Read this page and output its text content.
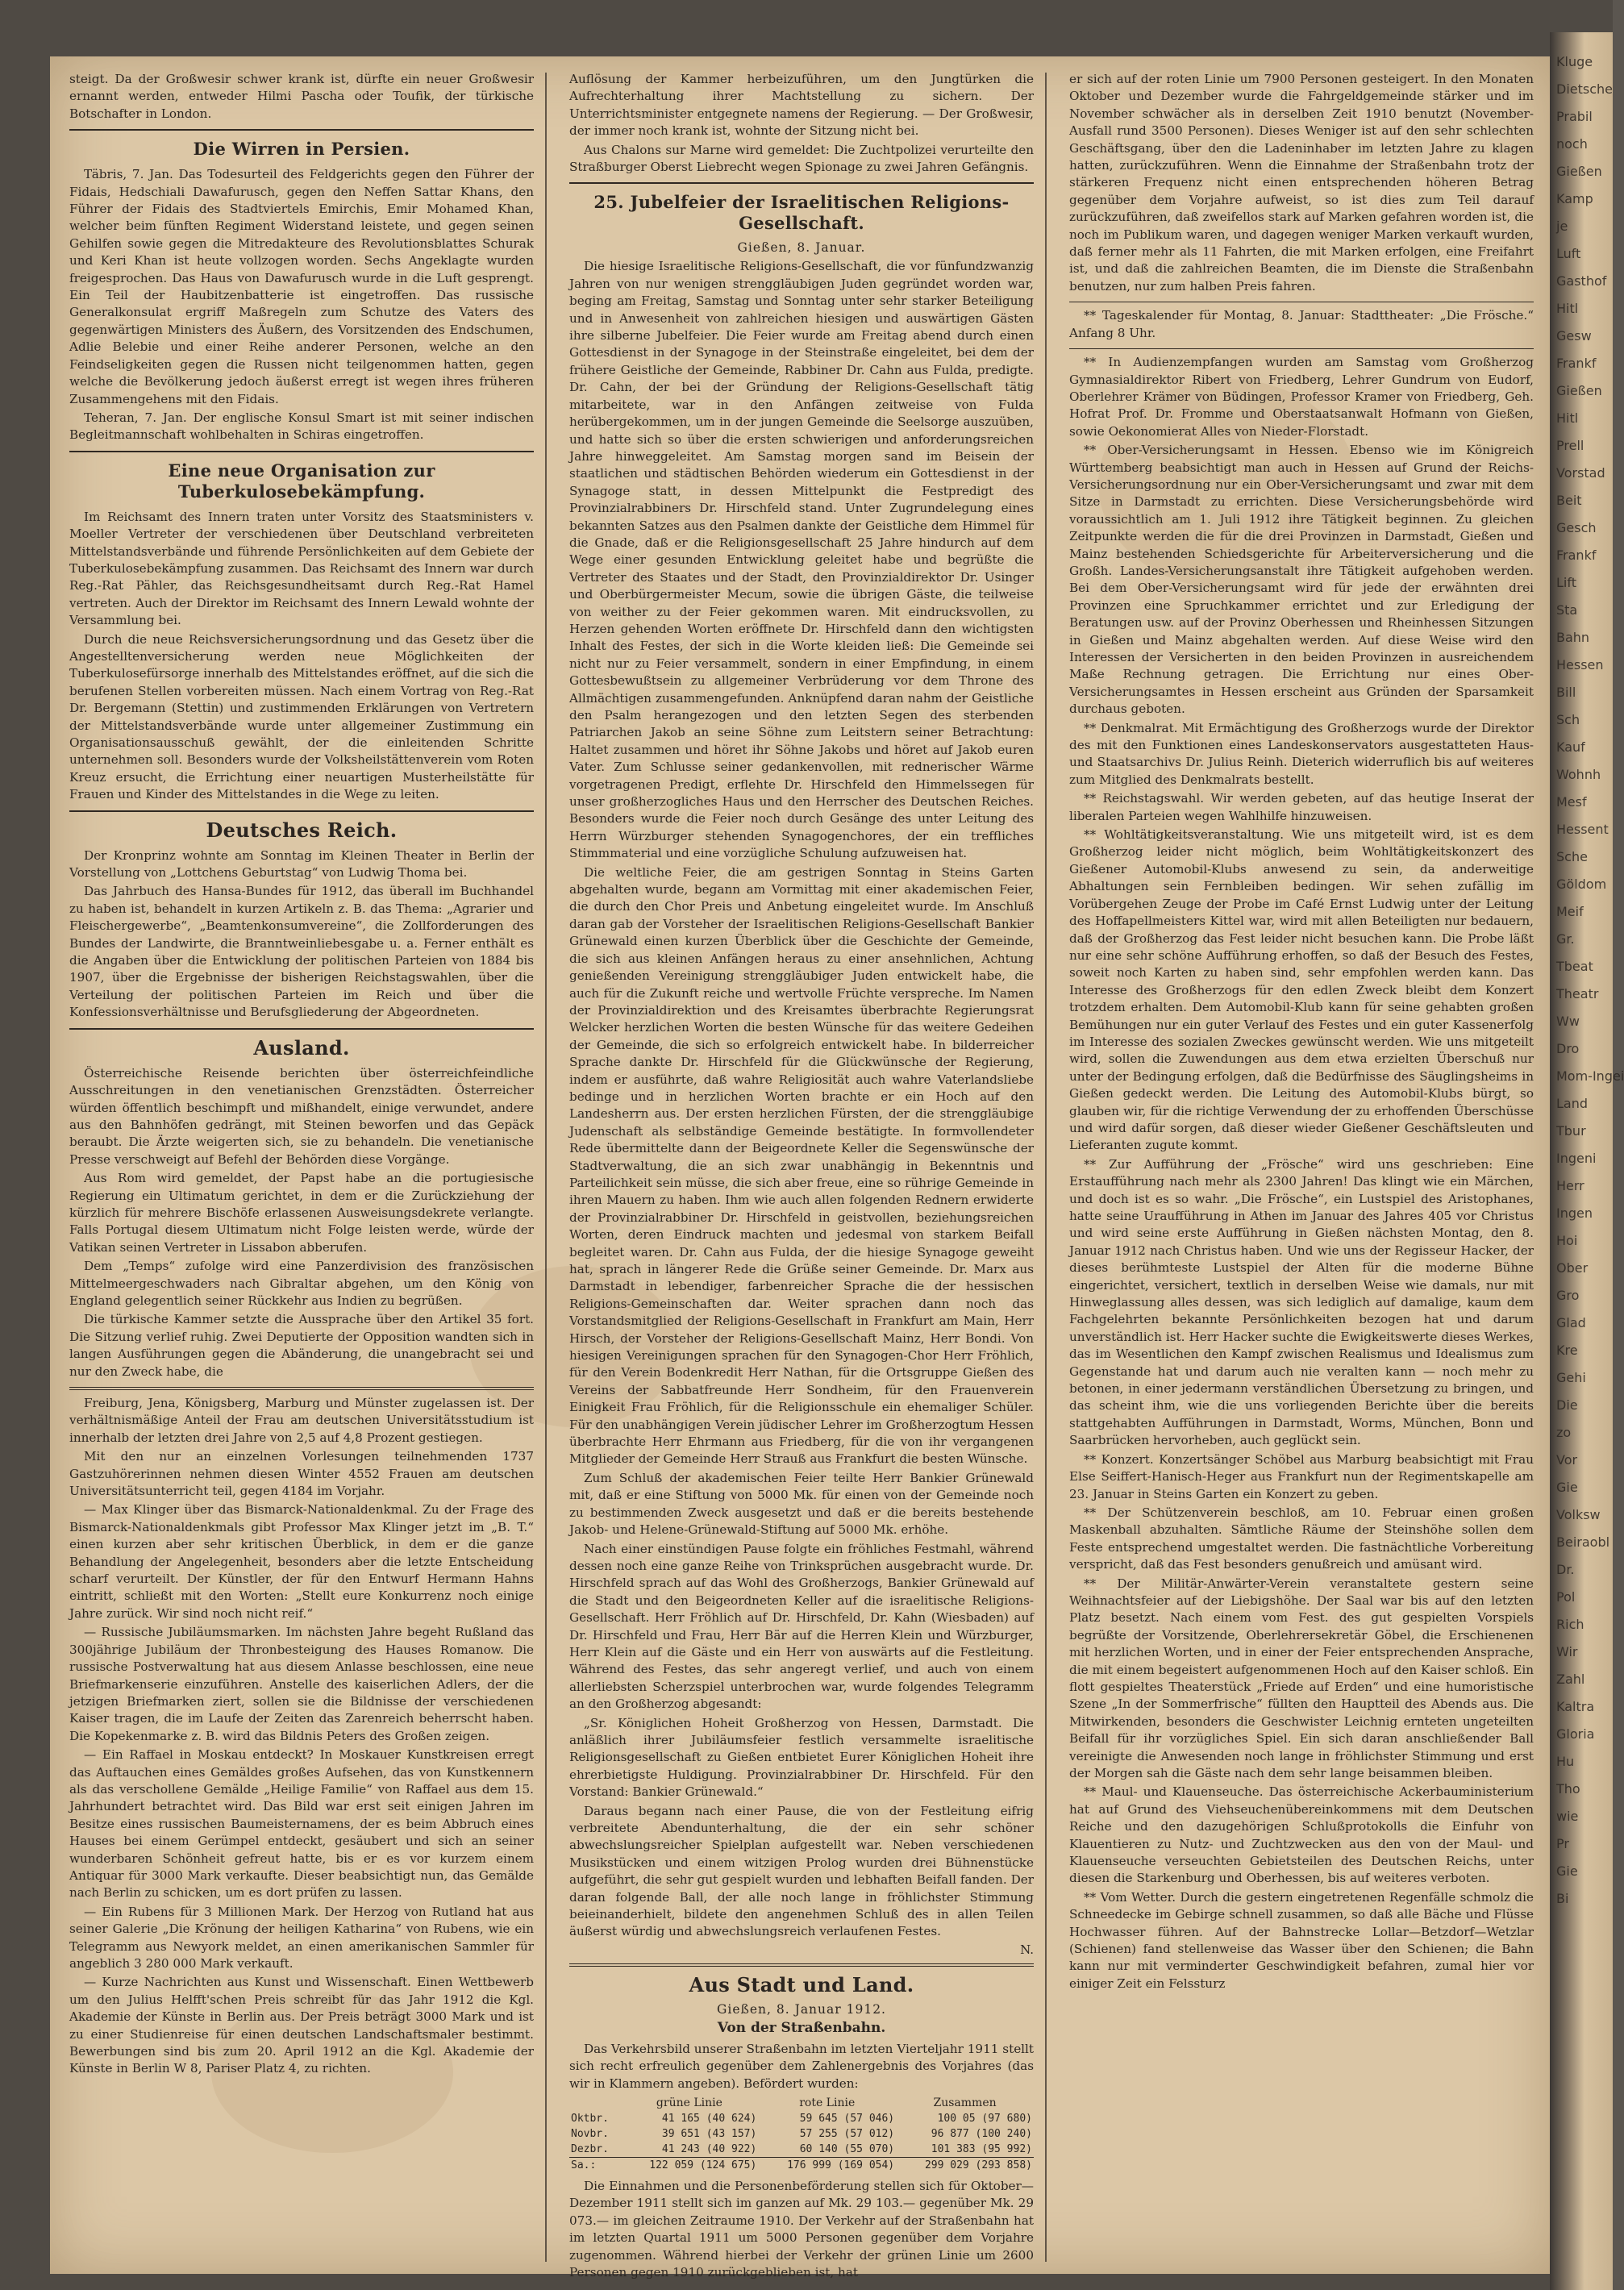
steigt. Da der Großwesir schwer krank ist, dürfte ein neuer Großwesir ernannt werden, entweder Hilmi Pascha oder Toufik, der türkische Botschafter in London.

Die Wirren in Persien.

Täbris, 7. Jan. Das Todesurteil des Feldgerichts gegen den Führer der Fidais, Hedschiali Dawafurusch, gegen den Neffen Sattar Khans, den Führer der Fidais des Stadtviertels Emirchis, Emir Mohamed Khan, welcher beim fünften Regiment Widerstand leistete, und gegen seinen Gehilfen sowie gegen die Mitredakteure des Revolutionsblattes Schurak und Keri Khan ist heute vollzogen worden. Sechs Angeklagte wurden freigesprochen. Das Haus von Dawafurusch wurde in die Luft gesprengt. Ein Teil der Haubitzenbatterie ist eingetroffen. Das russische Generalkonsulat ergriff Maßregeln zum Schutze des Vaters des gegenwärtigen Ministers des Äußern, des Vorsitzenden des Endschumen, Adlie Belebie und einer Reihe anderer Personen, welche an den Feindseligkeiten gegen die Russen nicht teilgenommen hatten, gegen welche die Bevölkerung jedoch äußerst erregt ist wegen ihres früheren Zusammengehens mit den Fidais.

Teheran, 7. Jan. Der englische Konsul Smart ist mit seiner indischen Begleitmannschaft wohlbehalten in Schiras eingetroffen.

Eine neue Organisation zur Tuberkulosebekämpfung.

Im Reichsamt des Innern traten unter Vorsitz des Staatsministers v. Moeller Vertreter der verschiedenen über Deutschland verbreiteten Mittelstandsverbände und führende Persönlichkeiten auf dem Gebiete der Tuberkulosebekämpfung zusammen. Das Reichsamt des Innern war durch Reg.-Rat Pähler, das Reichsgesundheitsamt durch Reg.-Rat Hamel vertreten. Auch der Direktor im Reichsamt des Innern Lewald wohnte der Versammlung bei.

Durch die neue Reichsversicherungsordnung und das Gesetz über die Angestelltenversicherung werden neue Möglichkeiten der Tuberkulosefürsorge innerhalb des Mittelstandes eröffnet, auf die sich die berufenen Stellen vorbereiten müssen. Nach einem Vortrag von Reg.-Rat Dr. Bergemann (Stettin) und zustimmenden Erklärungen von Vertretern der Mittelstandsverbände wurde unter allgemeiner Zustimmung ein Organisationsausschuß gewählt, der die einleitenden Schritte unternehmen soll. Besonders wurde der Volksheilstättenverein vom Roten Kreuz ersucht, die Errichtung einer neuartigen Musterheilstätte für Frauen und Kinder des Mittelstandes in die Wege zu leiten.

Deutsches Reich.

Der Kronprinz wohnte am Sonntag im Kleinen Theater in Berlin der Vorstellung von „Lottchens Geburtstag“ von Ludwig Thoma bei.

Das Jahrbuch des Hansa-Bundes für 1912, das überall im Buchhandel zu haben ist, behandelt in kurzen Artikeln z. B. das Thema: „Agrarier und Fleischergewerbe“, „Beamtenkonsumvereine“, die Zollforderungen des Bundes der Landwirte, die Branntweinliebesgabe u. a. Ferner enthält es die Angaben über die Entwicklung der politischen Parteien von 1884 bis 1907, über die Ergebnisse der bisherigen Reichstagswahlen, über die Verteilung der politischen Parteien im Reich und über die Konfessionsverhältnisse und Berufsgliederung der Abgeordneten.

Ausland.

Österreichische Reisende berichten über österreichfeindliche Ausschreitungen in den venetianischen Grenzstädten. Österreicher würden öffentlich beschimpft und mißhandelt, einige verwundet, andere aus den Bahnhöfen gedrängt, mit Steinen beworfen und das Gepäck beraubt. Die Ärzte weigerten sich, sie zu behandeln. Die venetianische Presse verschweigt auf Befehl der Behörden diese Vorgänge.

Aus Rom wird gemeldet, der Papst habe an die portugiesische Regierung ein Ultimatum gerichtet, in dem er die Zurückziehung der kürzlich für mehrere Bischöfe erlassenen Ausweisungsdekrete verlangte. Falls Portugal diesem Ultimatum nicht Folge leisten werde, würde der Vatikan seinen Vertreter in Lissabon abberufen.

Dem „Temps“ zufolge wird eine Panzerdivision des französischen Mittelmeergeschwaders nach Gibraltar abgehen, um den König von England gelegentlich seiner Rückkehr aus Indien zu begrüßen.

Die türkische Kammer setzte die Aussprache über den Artikel 35 fort. Die Sitzung verlief ruhig. Zwei Deputierte der Opposition wandten sich in langen Ausführungen gegen die Abänderung, die unangebracht sei und nur den Zweck habe, die

Freiburg, Jena, Königsberg, Marburg und Münster zugelassen ist. Der verhältnismäßige Anteil der Frau am deutschen Universitätsstudium ist innerhalb der letzten drei Jahre von 2,5 auf 4,8 Prozent gestiegen.

Mit den nur an einzelnen Vorlesungen teilnehmenden 1737 Gastzuhörerinnen nehmen diesen Winter 4552 Frauen am deutschen Universitätsunterricht teil, gegen 4184 im Vorjahr.

— Max Klinger über das Bismarck-Nationaldenkmal. Zu der Frage des Bismarck-Nationaldenkmals gibt Professor Max Klinger jetzt im „B. T.“ einen kurzen aber sehr kritischen Überblick, in dem er die ganze Behandlung der Angelegenheit, besonders aber die letzte Entscheidung scharf verurteilt. Der Künstler, der für den Entwurf Hermann Hahns eintritt, schließt mit den Worten: „Stellt eure Konkurrenz noch einige Jahre zurück. Wir sind noch nicht reif.“

— Russische Jubiläumsmarken. Im nächsten Jahre begeht Rußland das 300jährige Jubiläum der Thronbesteigung des Hauses Romanow. Die russische Postverwaltung hat aus diesem Anlasse beschlossen, eine neue Briefmarkenserie einzuführen. Anstelle des kaiserlichen Adlers, der die jetzigen Briefmarken ziert, sollen sie die Bildnisse der verschiedenen Kaiser tragen, die im Laufe der Zeiten das Zarenreich beherrscht haben. Die Kopekenmarke z. B. wird das Bildnis Peters des Großen zeigen.

— Ein Raffael in Moskau entdeckt? In Moskauer Kunstkreisen erregt das Auftauchen eines Gemäldes großes Aufsehen, das von Kunstkennern als das verschollene Gemälde „Heilige Familie“ von Raffael aus dem 15. Jahrhundert betrachtet wird. Das Bild war erst seit einigen Jahren im Besitze eines russischen Baumeisternamens, der es beim Abbruch eines Hauses bei einem Gerümpel entdeckt, gesäubert und sich an seiner wunderbaren Schönheit gefreut hatte, bis er es vor kurzem einem Antiquar für 3000 Mark verkaufte. Dieser beabsichtigt nun, das Gemälde nach Berlin zu schicken, um es dort prüfen zu lassen.

— Ein Rubens für 3 Millionen Mark. Der Herzog von Rutland hat aus seiner Galerie „Die Krönung der heiligen Katharina“ von Rubens, wie ein Telegramm aus Newyork meldet, an einen amerikanischen Sammler für angeblich 3 280 000 Mark verkauft.

— Kurze Nachrichten aus Kunst und Wissenschaft. Einen Wettbewerb um den Julius Helfft'schen Preis schreibt für das Jahr 1912 die Kgl. Akademie der Künste in Berlin aus. Der Preis beträgt 3000 Mark und ist zu einer Studienreise für einen deutschen Landschaftsmaler bestimmt. Bewerbungen sind bis zum 20. April 1912 an die Kgl. Akademie der Künste in Berlin W 8, Pariser Platz 4, zu richten.

Auflösung der Kammer herbeizuführen, um den Jungtürken die Aufrechterhaltung ihrer Machtstellung zu sichern. Der Unterrichtsminister entgegnete namens der Regierung. — Der Großwesir, der immer noch krank ist, wohnte der Sitzung nicht bei.

Aus Chalons sur Marne wird gemeldet: Die Zuchtpolizei verurteilte den Straßburger Oberst Liebrecht wegen Spionage zu zwei Jahren Gefängnis.

25. Jubelfeier der Israelitischen Religions-Gesellschaft.
Gießen, 8. Januar.

Die hiesige Israelitische Religions-Gesellschaft, die vor fünfundzwanzig Jahren von nur wenigen strenggläubigen Juden gegründet worden war, beging am Freitag, Samstag und Sonntag unter sehr starker Beteiligung und in Anwesenheit von zahlreichen hiesigen und auswärtigen Gästen ihre silberne Jubelfeier. Die Feier wurde am Freitag abend durch einen Gottesdienst in der Synagoge in der Steinstraße eingeleitet, bei dem der frühere Geistliche der Gemeinde, Rabbiner Dr. Cahn aus Fulda, predigte. Dr. Cahn, der bei der Gründung der Religions-Gesellschaft tätig mitarbeitete, war in den Anfängen zeitweise von Fulda herübergekommen, um in der jungen Gemeinde die Seelsorge auszuüben, und hatte sich so über die ersten schwierigen und anforderungsreichen Jahre hinweggeleitet. Am Samstag morgen sand im Beisein der staatlichen und städtischen Behörden wiederum ein Gottesdienst in der Synagoge statt, in dessen Mittelpunkt die Festpredigt des Provinzialrabbiners Dr. Hirschfeld stand. Unter Zugrundelegung eines bekannten Satzes aus den Psalmen dankte der Geistliche dem Himmel für die Gnade, daß er die Religionsgesellschaft 25 Jahre hindurch auf dem Wege einer gesunden Entwicklung geleitet habe und begrüßte die Vertreter des Staates und der Stadt, den Provinzialdirektor Dr. Usinger und Oberbürgermeister Mecum, sowie die übrigen Gäste, die teilweise von weither zu der Feier gekommen waren. Mit eindrucksvollen, zu Herzen gehenden Worten eröffnete Dr. Hirschfeld dann den wichtigsten Inhalt des Festes, der sich in die Worte kleiden ließ: Die Gemeinde sei nicht nur zu Feier versammelt, sondern in einer Empfindung, in einem Gottesbewußtsein zu allgemeiner Verbrüderung vor dem Throne des Allmächtigen zusammengefunden. Anknüpfend daran nahm der Geistliche den Psalm herangezogen und den letzten Segen des sterbenden Patriarchen Jakob an seine Söhne zum Leitstern seiner Betrachtung: Haltet zusammen und höret ihr Söhne Jakobs und höret auf Jakob euren Vater. Zum Schlusse seiner gedankenvollen, mit rednerischer Wärme vorgetragenen Predigt, erflehte Dr. Hirschfeld den Himmelssegen für unser großherzogliches Haus und den Herrscher des Deutschen Reiches. Besonders wurde die Feier noch durch Gesänge des unter Leitung des Herrn Würzburger stehenden Synagogenchores, der ein treffliches Stimmmaterial und eine vorzügliche Schulung aufzuweisen hat.

Die weltliche Feier, die am gestrigen Sonntag in Steins Garten abgehalten wurde, begann am Vormittag mit einer akademischen Feier, die durch den Chor Preis und Anbetung eingeleitet wurde. Im Anschluß daran gab der Vorsteher der Israelitischen Religions-Gesellschaft Bankier Grünewald einen kurzen Überblick über die Geschichte der Gemeinde, die sich aus kleinen Anfängen heraus zu einer ansehnlichen, Achtung genießenden Vereinigung strenggläubiger Juden entwickelt habe, die auch für die Zukunft reiche und wertvolle Früchte verspreche. Im Namen der Provinzialdirektion und des Kreisamtes überbrachte Regierungsrat Welcker herzlichen Worten die besten Wünsche für das weitere Gedeihen der Gemeinde, die sich so erfolgreich entwickelt habe. In bilderreicher Sprache dankte Dr. Hirschfeld für die Glückwünsche der Regierung, indem er ausführte, daß wahre Religiosität auch wahre Vaterlandsliebe bedinge und in herzlichen Worten brachte er ein Hoch auf den Landesherrn aus. Der ersten herzlichen Fürsten, der die strenggläubige Judenschaft als selbständige Gemeinde bestätigte. In formvollendeter Rede übermittelte dann der Beigeordnete Keller die Segenswünsche der Stadtverwaltung, die an sich zwar unabhängig in Bekenntnis und Parteilichkeit sein müsse, die sich aber freue, eine so rührige Gemeinde in ihren Mauern zu haben. Ihm wie auch allen folgenden Rednern erwiderte der Provinzialrabbiner Dr. Hirschfeld in geistvollen, beziehungsreichen Worten, deren Eindruck machten und jedesmal von starkem Beifall begleitet waren. Dr. Cahn aus Fulda, der die hiesige Synagoge geweiht hat, sprach in längerer Rede die Grüße seiner Gemeinde. Dr. Marx aus Darmstadt in lebendiger, farbenreicher Sprache die der hessischen Religions-Gemeinschaften dar. Weiter sprachen dann noch das Vorstandsmitglied der Religions-Gesellschaft in Frankfurt am Main, Herr Hirsch, der Vorsteher der Religions-Gesellschaft Mainz, Herr Bondi. Von hiesigen Vereinigungen sprachen für den Synagogen-Chor Herr Fröhlich, für den Verein Bodenkredit Herr Nathan, für die Ortsgruppe Gießen des Vereins der Sabbatfreunde Herr Sondheim, für den Frauenverein Einigkeit Frau Fröhlich, für die Religionsschule ein ehemaliger Schüler. Für den unabhängigen Verein jüdischer Lehrer im Großherzogtum Hessen überbrachte Herr Ehrmann aus Friedberg, für die von ihr vergangenen Mitglieder der Gemeinde Herr Strauß aus Frankfurt die besten Wünsche.

Zum Schluß der akademischen Feier teilte Herr Bankier Grünewald mit, daß er eine Stiftung von 5000 Mk. für einen von der Gemeinde noch zu bestimmenden Zweck ausgesetzt und daß er die bereits bestehende Jakob- und Helene-Grünewald-Stiftung auf 5000 Mk. erhöhe.

Nach einer einstündigen Pause folgte ein fröhliches Festmahl, während dessen noch eine ganze Reihe von Trinksprüchen ausgebracht wurde. Dr. Hirschfeld sprach auf das Wohl des Großherzogs, Bankier Grünewald auf die Stadt und den Beigeordneten Keller auf die israelitische Religions-Gesellschaft. Herr Fröhlich auf Dr. Hirschfeld, Dr. Kahn (Wiesbaden) auf Dr. Hirschfeld und Frau, Herr Bär auf die Herren Klein und Würzburger, Herr Klein auf die Gäste und ein Herr von auswärts auf die Festleitung. Während des Festes, das sehr angeregt verlief, und auch von einem allerliebsten Scherzspiel unterbrochen war, wurde folgendes Telegramm an den Großherzog abgesandt:

„Sr. Königlichen Hoheit Großherzog von Hessen, Darmstadt. Die anläßlich ihrer Jubiläumsfeier festlich versammelte israelitische Religionsgesellschaft zu Gießen entbietet Eurer Königlichen Hoheit ihre ehrerbietigste Huldigung. Provinzialrabbiner Dr. Hirschfeld. Für den Vorstand: Bankier Grünewald.“

Daraus begann nach einer Pause, die von der Festleitung eifrig verbreitete Abendunterhaltung, die der ein sehr schöner abwechslungsreicher Spielplan aufgestellt war. Neben verschiedenen Musikstücken und einem witzigen Prolog wurden drei Bühnenstücke aufgeführt, die sehr gut gespielt wurden und lebhaften Beifall fanden. Der daran folgende Ball, der alle noch lange in fröhlichster Stimmung beieinanderhielt, bildete den angenehmen Schluß des in allen Teilen äußerst würdig und abwechslungsreich verlaufenen Festes.

N.
Aus Stadt und Land.
Gießen, 8. Januar 1912.
Von der Straßenbahn.

Das Verkehrsbild unserer Straßenbahn im letzten Vierteljahr 1911 stellt sich recht erfreulich gegenüber dem Zahlenergebnis des Vorjahres (das wir in Klammern angeben). Befördert wurden:

	grüne Linie	rote Linie	Zusammen
Oktbr.	41 165 (40 624)	59 645 (57 046)	100 05 (97 680)
Novbr.	39 651 (43 157)	57 255 (57 012)	96 877 (100 240)
Dezbr.	41 243 (40 922)	60 140 (55 070)	101 383 (95 992)
Sa.:	122 059 (124 675)	176 999 (169 054)	299 029 (293 858)

Die Einnahmen und die Personenbeförderung stellen sich für Oktober—Dezember 1911 stellt sich im ganzen auf Mk. 29 103.— gegenüber Mk. 29 073.— im gleichen Zeitraume 1910. Der Verkehr auf der Straßenbahn hat im letzten Quartal 1911 um 5000 Personen gegenüber dem Vorjahre zugenommen. Während hierbei der Verkehr der grünen Linie um 2600 Personen gegen 1910 zurückgeblieben ist, hat

er sich auf der roten Linie um 7900 Personen gesteigert. In den Monaten Oktober und Dezember wurde die Fahrgeldgemeinde stärker und im November schwächer als in derselben Zeit 1910 benutzt (November-Ausfall rund 3500 Personen). Dieses Weniger ist auf den sehr schlechten Geschäftsgang, über den die Ladeninhaber im letzten Jahre zu klagen hatten, zurückzuführen. Wenn die Einnahme der Straßenbahn trotz der stärkeren Frequenz nicht einen entsprechenden höheren Betrag gegenüber dem Vorjahre aufweist, so ist dies zum Teil darauf zurückzuführen, daß zweifellos stark auf Marken gefahren worden ist, die noch im Publikum waren, und dagegen weniger Marken verkauft wurden, daß ferner mehr als 11 Fahrten, die mit Marken erfolgen, eine Freifahrt ist, und daß die zahlreichen Beamten, die im Dienste die Straßenbahn benutzen, nur zum halben Preis fahren.

** Tageskalender für Montag, 8. Januar: Stadttheater: „Die Frösche.“ Anfang 8 Uhr.

** In Audienzempfangen wurden am Samstag vom Großherzog Gymnasialdirektor Ribert von Friedberg, Lehrer Gundrum von Eudorf, Oberlehrer Krämer von Büdingen, Professor Kramer von Friedberg, Geh. Hofrat Prof. Dr. Fromme und Oberstaatsanwalt Hofmann von Gießen, sowie Oekonomierat Alles von Nieder-Florstadt.

** Ober-Versicherungsamt in Hessen. Ebenso wie im Königreich Württemberg beabsichtigt man auch in Hessen auf Grund der Reichs-Versicherungsordnung nur ein Ober-Versicherungsamt und zwar mit dem Sitze in Darmstadt zu errichten. Diese Versicherungsbehörde wird voraussichtlich am 1. Juli 1912 ihre Tätigkeit beginnen. Zu gleichen Zeitpunkte werden die für die drei Provinzen in Darmstadt, Gießen und Mainz bestehenden Schiedsgerichte für Arbeiterversicherung und die Großh. Landes-Versicherungsanstalt ihre Tätigkeit aufgehoben werden. Bei dem Ober-Versicherungsamt wird für jede der erwähnten drei Provinzen eine Spruchkammer errichtet und zur Erledigung der Beratungen usw. auf der Provinz Oberhessen und Rheinhessen Sitzungen in Gießen und Mainz abgehalten werden. Auf diese Weise wird den Interessen der Versicherten in den beiden Provinzen in ausreichendem Maße Rechnung getragen. Die Errichtung nur eines Ober-Versicherungsamtes in Hessen erscheint aus Gründen der Sparsamkeit durchaus geboten.

** Denkmalrat. Mit Ermächtigung des Großherzogs wurde der Direktor des mit den Funktionen eines Landeskonservators ausgestatteten Haus- und Staatsarchivs Dr. Julius Reinh. Dieterich widerruflich bis auf weiteres zum Mitglied des Denkmalrats bestellt.

** Reichstagswahl. Wir werden gebeten, auf das heutige Inserat der liberalen Parteien wegen Wahlhilfe hinzuweisen.

** Wohltätigkeitsveranstaltung. Wie uns mitgeteilt wird, ist es dem Großherzog leider nicht möglich, beim Wohltätigkeitskonzert des Gießener Automobil-Klubs anwesend zu sein, da anderweitige Abhaltungen sein Fernbleiben bedingen. Wir sehen zufällig im Vorübergehen Zeuge der Probe im Café Ernst Ludwig unter der Leitung des Hoffapellmeisters Kittel war, wird mit allen Beteiligten nur bedauern, daß der Großherzog das Fest leider nicht besuchen kann. Die Probe läßt nur eine sehr schöne Aufführung erhoffen, so daß der Besuch des Festes, soweit noch Karten zu haben sind, sehr empfohlen werden kann. Das Interesse des Großherzogs für den edlen Zweck bleibt dem Konzert trotzdem erhalten. Dem Automobil-Klub kann für seine gehabten großen Bemühungen nur ein guter Verlauf des Festes und ein guter Kassenerfolg im Interesse des sozialen Zweckes gewünscht werden. Wie uns mitgeteilt wird, sollen die Zuwendungen aus dem etwa erzielten Überschuß nur unter der Bedingung erfolgen, daß die Bedürfnisse des Säuglingsheims in Gießen gedeckt werden. Die Leitung des Automobil-Klubs bürgt, so glauben wir, für die richtige Verwendung der zu erhoffenden Überschüsse und wird dafür sorgen, daß dieser wieder Gießener Geschäftsleuten und Lieferanten zugute kommt.

** Zur Aufführung der „Frösche“ wird uns geschrieben: Eine Erstaufführung nach mehr als 2300 Jahren! Das klingt wie ein Märchen, und doch ist es so wahr. „Die Frösche“, ein Lustspiel des Aristophanes, hatte seine Uraufführung in Athen im Januar des Jahres 405 vor Christus und wird seine erste Aufführung in Gießen nächsten Montag, den 8. Januar 1912 nach Christus haben. Und wie uns der Regisseur Hacker, der dieses berühmteste Lustspiel der Alten für die moderne Bühne eingerichtet, versichert, textlich in derselben Weise wie damals, nur mit Hinweglassung alles dessen, was sich lediglich auf damalige, kaum dem Fachgelehrten bekannte Persönlichkeiten bezogen hat und darum unverständlich ist. Herr Hacker suchte die Ewigkeitswerte dieses Werkes, das im Wesentlichen den Kampf zwischen Realismus und Idealismus zum Gegenstande hat und darum auch nie veralten kann — noch mehr zu betonen, in einer jedermann verständlichen Übersetzung zu bringen, und das scheint ihm, wie die uns vorliegenden Berichte über die bereits stattgehabten Aufführungen in Darmstadt, Worms, München, Bonn und Saarbrücken hervorheben, auch geglückt sein.

** Konzert. Konzertsänger Schöbel aus Marburg beabsichtigt mit Frau Else Seiffert-Hanisch-Heger aus Frankfurt nun der Regimentskapelle am 23. Januar in Steins Garten ein Konzert zu geben.

** Der Schützenverein beschloß, am 10. Februar einen großen Maskenball abzuhalten. Sämtliche Räume der Steinshöhe sollen dem Feste entsprechend umgestaltet werden. Die fastnächtliche Vorbereitung verspricht, daß das Fest besonders genußreich und amüsant wird.

** Der Militär-Anwärter-Verein veranstaltete gestern seine Weihnachtsfeier auf der Liebigshöhe. Der Saal war bis auf den letzten Platz besetzt. Nach einem vom Fest. des gut gespielten Vorspiels begrüßte der Vorsitzende, Oberlehrersekretär Göbel, die Erschienenen mit herzlichen Worten, und in einer der Feier entsprechenden Ansprache, die mit einem begeistert aufgenommenen Hoch auf den Kaiser schloß. Ein flott gespieltes Theaterstück „Friede auf Erden“ und eine humoristische Szene „In der Sommerfrische“ füllten den Hauptteil des Abends aus. Die Mitwirkenden, besonders die Geschwister Leichnig ernteten ungeteilten Beifall für ihr vorzügliches Spiel. Ein sich daran anschließender Ball vereinigte die Anwesenden noch lange in fröhlichster Stimmung und erst der Morgen sah die Gäste nach dem sehr lange beisammen bleiben.

** Maul- und Klauenseuche. Das österreichische Ackerbauministerium hat auf Grund des Viehseuchenübereinkommens mit dem Deutschen Reiche und den dazugehörigen Schlußprotokolls die Einfuhr von Klauentieren zu Nutz- und Zuchtzwecken aus den von der Maul- und Klauenseuche verseuchten Gebietsteilen des Deutschen Reichs, unter diesen die Starkenburg und Oberhessen, bis auf weiteres verboten.

** Vom Wetter. Durch die gestern eingetretenen Regenfälle schmolz die Schneedecke im Gebirge schnell zusammen, so daß alle Bäche und Flüsse Hochwasser führen. Auf der Bahnstrecke Lollar—Betzdorf—Wetzlar (Schienen) fand stellenweise das Wasser über den Schienen; die Bahn kann nur mit verminderter Geschwindigkeit befahren, zumal hier vor einiger Zeit ein Felssturz

Kluge
Dietsche
Prabil
noch
Gießen
Kamp
je
Luft
Gasthof
Hitl
Gesw
Frankf
Gießen
Hitl
Prell
Vorstad
Beit
Gesch
Frankf
Lift
Sta
Bahn
Hessen
Bill
Sch
Kauf
Wohnh
Mesf
Hessent
Sche
Göldom
Meif
Gr.
Tbeat
Theatr
Ww
Dro
Mom-Ingei
Land
Tbur
Ingeni
Herr
Ingen
Hoi
Ober
Gro
Glad
Kre
Gehi
Die
zo
Vor
Gie
Volksw
Beiraobl
Dr.
Pol
Rich
Wir
Zahl
Kaltra
Gloria
Hu
Tho
wie
Pr
Gie
Bi
